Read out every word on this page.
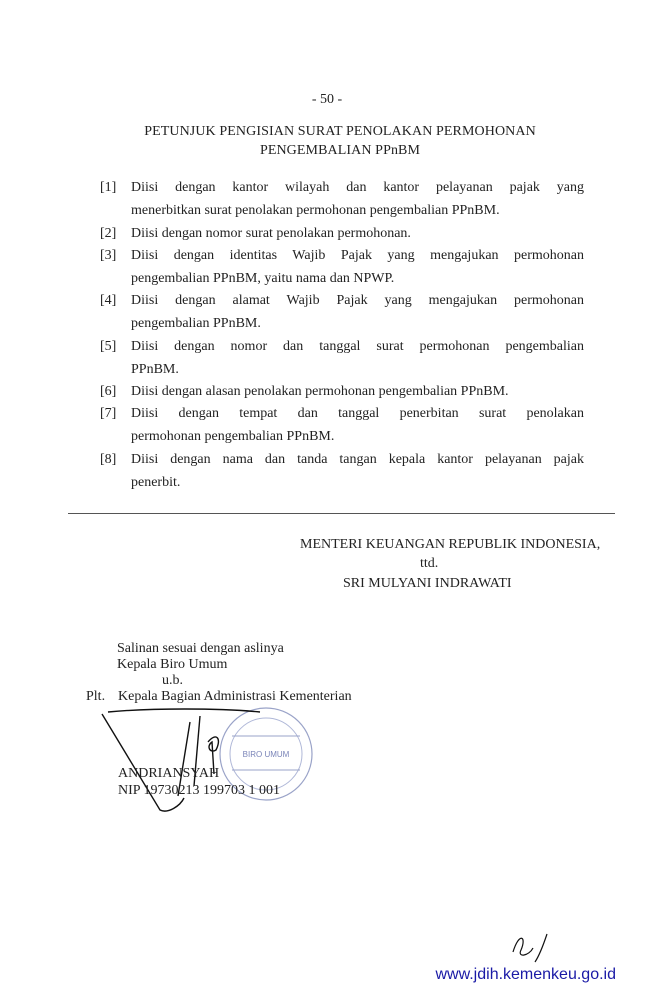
- 50 -
PETUNJUK PENGISIAN SURAT PENOLAKAN PERMOHONAN
PENGEMBALIAN PPnBM
[1] Diisi dengan kantor wilayah dan kantor pelayanan pajak yang
menerbitkan surat penolakan permohonan pengembalian PPnBM.
[2] Diisi dengan nomor surat penolakan permohonan.
[3] Diisi dengan identitas Wajib Pajak yang mengajukan permohonan
pengembalian PPnBM, yaitu nama dan NPWP.
[4] Diisi dengan alamat Wajib Pajak yang mengajukan permohonan
pengembalian PPnBM.
[5] Diisi dengan nomor dan tanggal surat permohonan pengembalian
PPnBM.
[6] Diisi dengan alasan penolakan permohonan pengembalian PPnBM.
[7] Diisi dengan tempat dan tanggal penerbitan surat penolakan
permohonan pengembalian PPnBM.
[8] Diisi dengan nama dan tanda tangan kepala kantor pelayanan pajak
penerbit.
MENTERI KEUANGAN REPUBLIK INDONESIA,
ttd.
SRI MULYANI INDRAWATI
Salinan sesuai dengan aslinya
Kepala Biro Umum
u.b.
Plt. Kepala Bagian Administrasi Kementerian
BIRO UMUM
ANDRIANSYAH
NIP 19730213 199703 1 001
www.jdih.kemenkeu.go.id
